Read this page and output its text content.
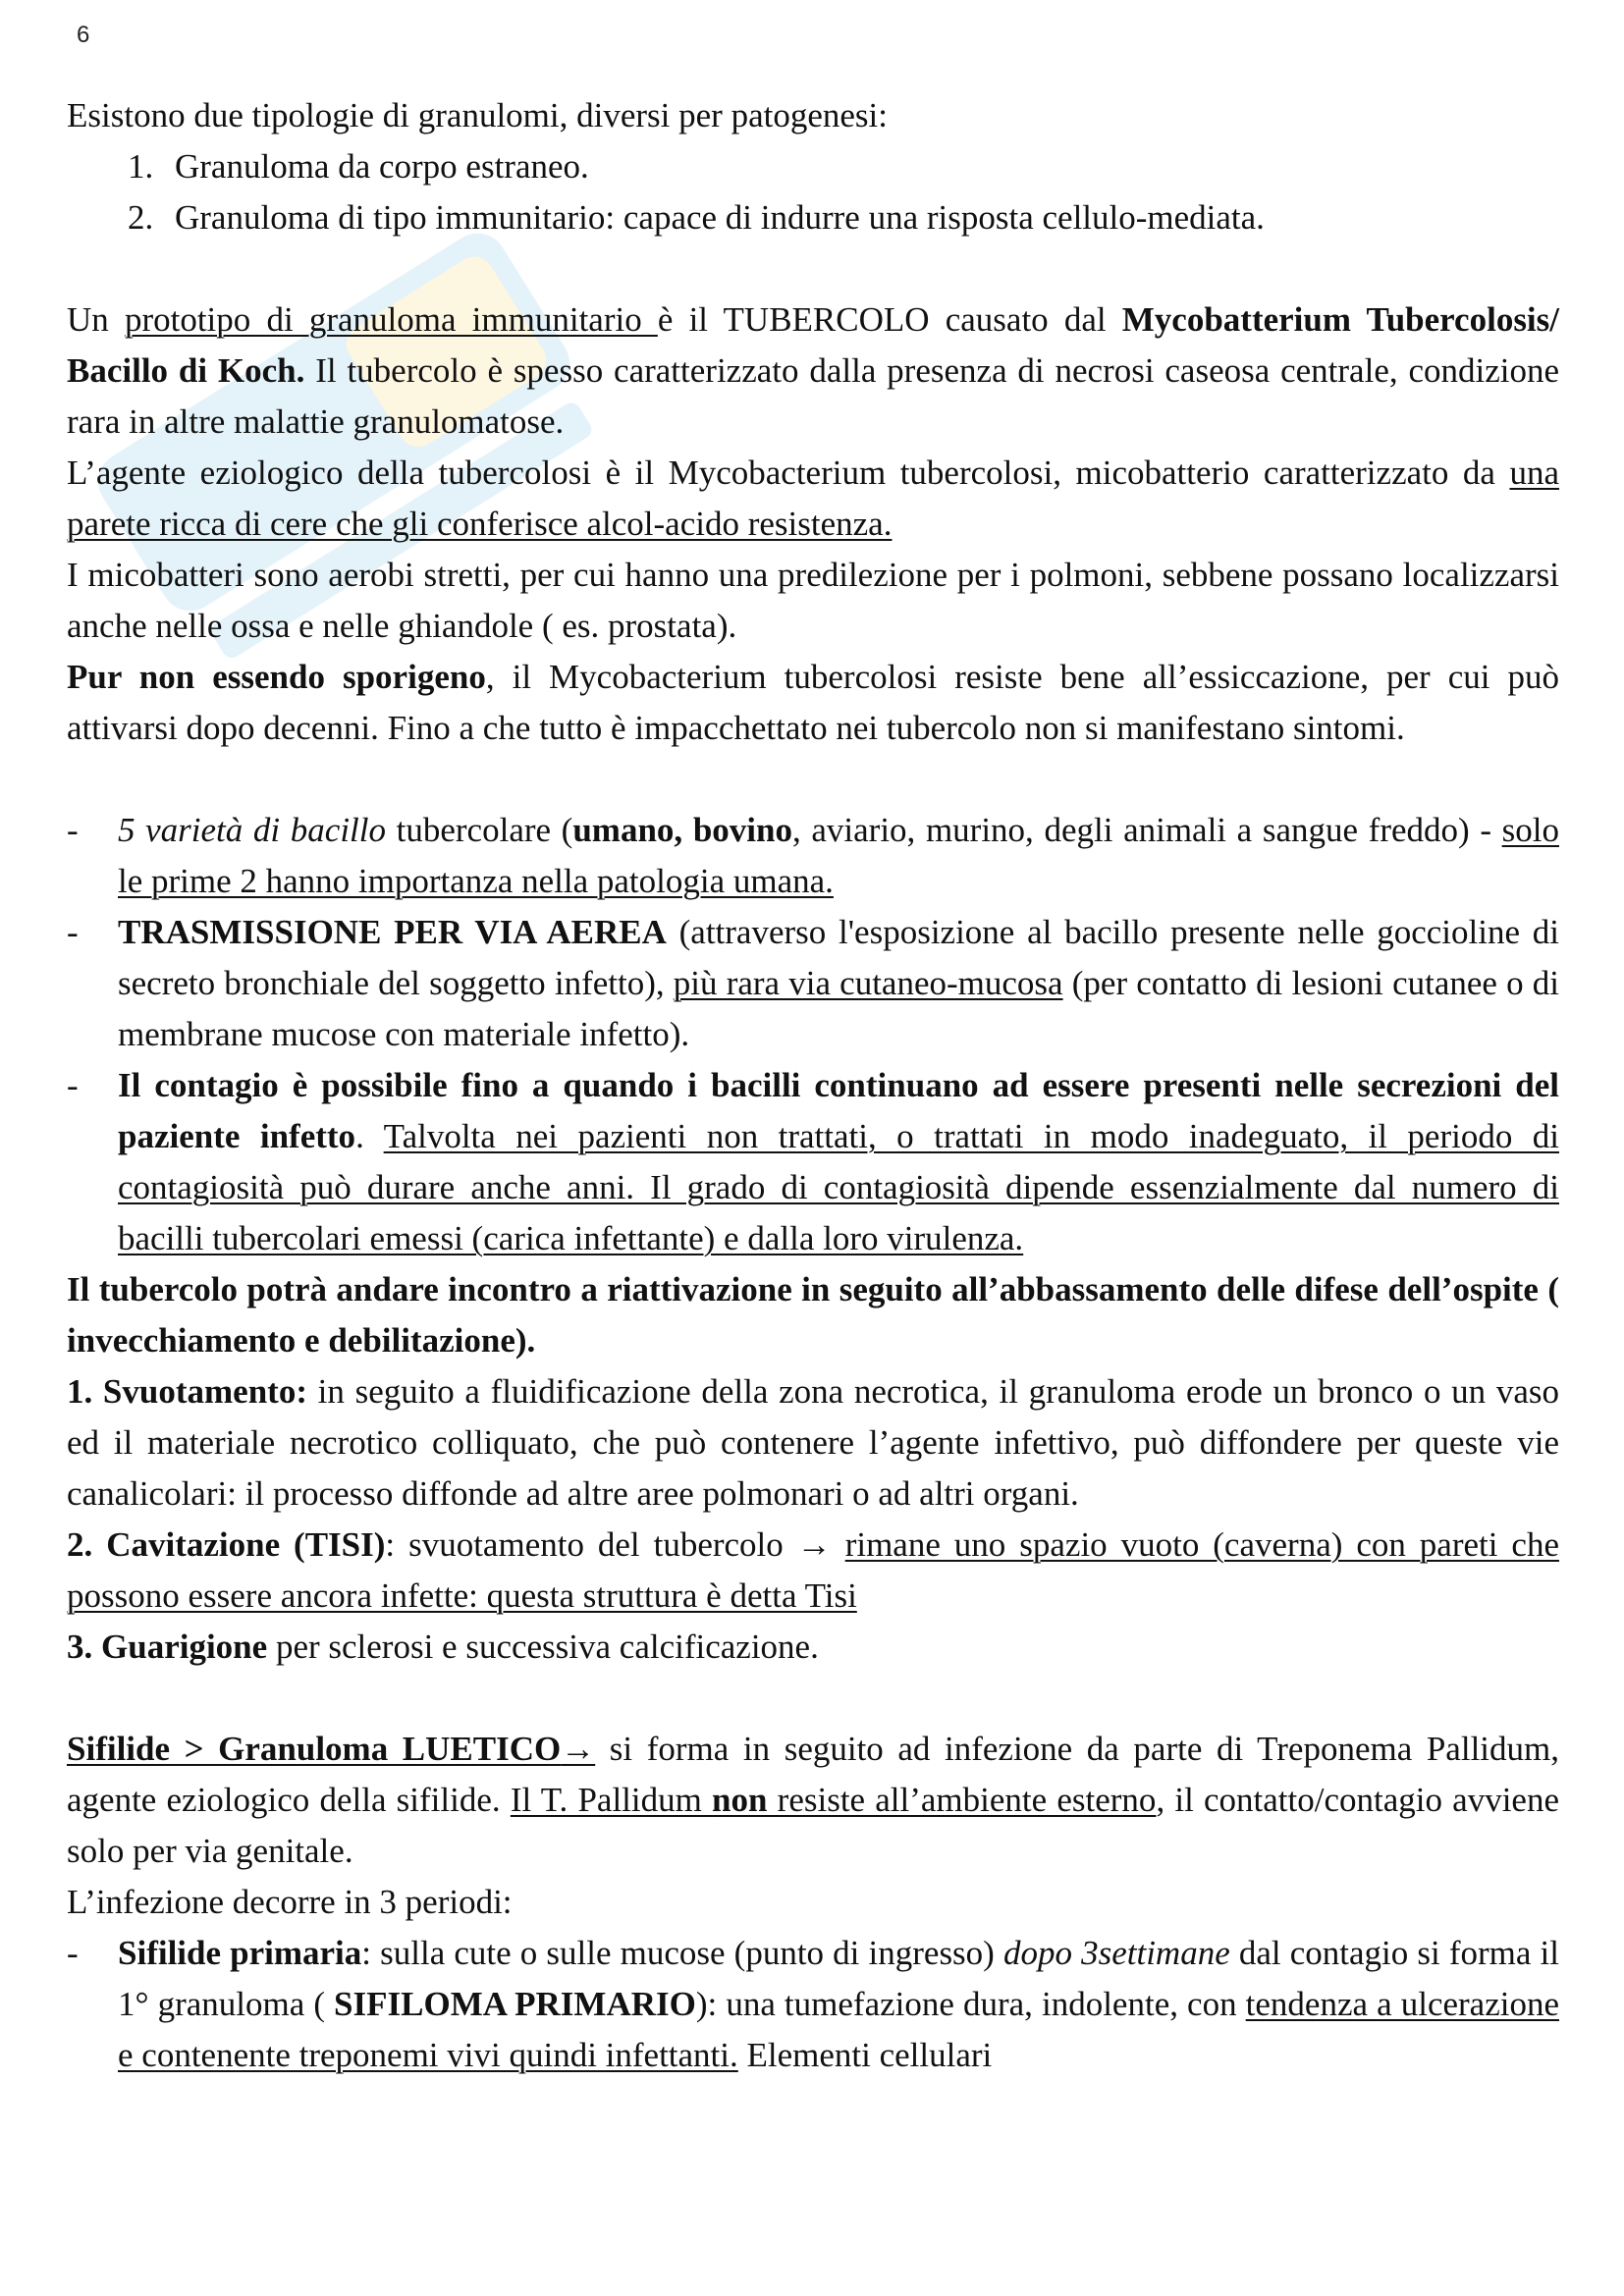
6

Esistono due tipologie di granulomi, diversi per patogenesi:

1. Granuloma da corpo estraneo.
2. Granuloma di tipo immunitario: capace di indurre una risposta cellulo-mediata.

Un prototipo di granuloma immunitario è il TUBERCOLO causato dal Mycobatterium Tubercolosis/ Bacillo di Koch. Il tubercolo è spesso caratterizzato dalla presenza di necrosi caseosa centrale, condizione rara in altre malattie granulomatose.

L’agente eziologico della tubercolosi è il Mycobacterium tubercolosi, micobatterio caratterizzato da una parete ricca di cere che gli conferisce alcol-acido resistenza.

I micobatteri sono aerobi stretti, per cui hanno una predilezione per i polmoni, sebbene possano localizzarsi anche nelle ossa e nelle ghiandole ( es. prostata).

Pur non essendo sporigeno, il Mycobacterium tubercolosi resiste bene all’essiccazione, per cui può attivarsi dopo decenni. Fino a che tutto è impacchettato nei tubercolo non si manifestano sintomi.

- 5 varietà di bacillo tubercolare (umano, bovino, aviario, murino, degli animali a sangue freddo) - solo le prime 2 hanno importanza nella patologia umana.
- TRASMISSIONE PER VIA AEREA (attraverso l'esposizione al bacillo presente nelle goccioline di secreto bronchiale del soggetto infetto), più rara via cutaneo-mucosa (per contatto di lesioni cutanee o di membrane mucose con materiale infetto).
- Il contagio è possibile fino a quando i bacilli continuano ad essere presenti nelle secrezioni del paziente infetto. Talvolta nei pazienti non trattati, o trattati in modo inadeguato, il periodo di contagiosità può durare anche anni. Il grado di contagiosità dipende essenzialmente dal numero di bacilli tubercolari emessi (carica infettante) e dalla loro virulenza.

Il tubercolo potrà andare incontro a riattivazione in seguito all’abbassamento delle difese dell’ospite ( invecchiamento e debilitazione).

1. Svuotamento: in seguito a fluidificazione della zona necrotica, il granuloma erode un bronco o un vaso ed il materiale necrotico colliquato, che può contenere l’agente infettivo, può diffondere per queste vie canalicolari: il processo diffonde ad altre aree polmonari o ad altri organi.

2. Cavitazione (TISI): svuotamento del tubercolo → rimane uno spazio vuoto (caverna) con pareti che possono essere ancora infette: questa struttura è detta Tisi

3. Guarigione per sclerosi e successiva calcificazione.

Sifilide > Granuloma LUETICO→ si forma in seguito ad infezione da parte di Treponema Pallidum, agente eziologico della sifilide. Il T. Pallidum non resiste all’ambiente esterno, il contatto/contagio avviene solo per via genitale.

L’infezione decorre in 3 periodi:

- Sifilide primaria: sulla cute o sulle mucose (punto di ingresso) dopo 3settimane dal contagio si forma il 1° granuloma ( SIFILOMA PRIMARIO): una tumefazione dura, indolente, con tendenza a ulcerazione e contenente treponemi vivi quindi infettanti. Elementi cellulari
